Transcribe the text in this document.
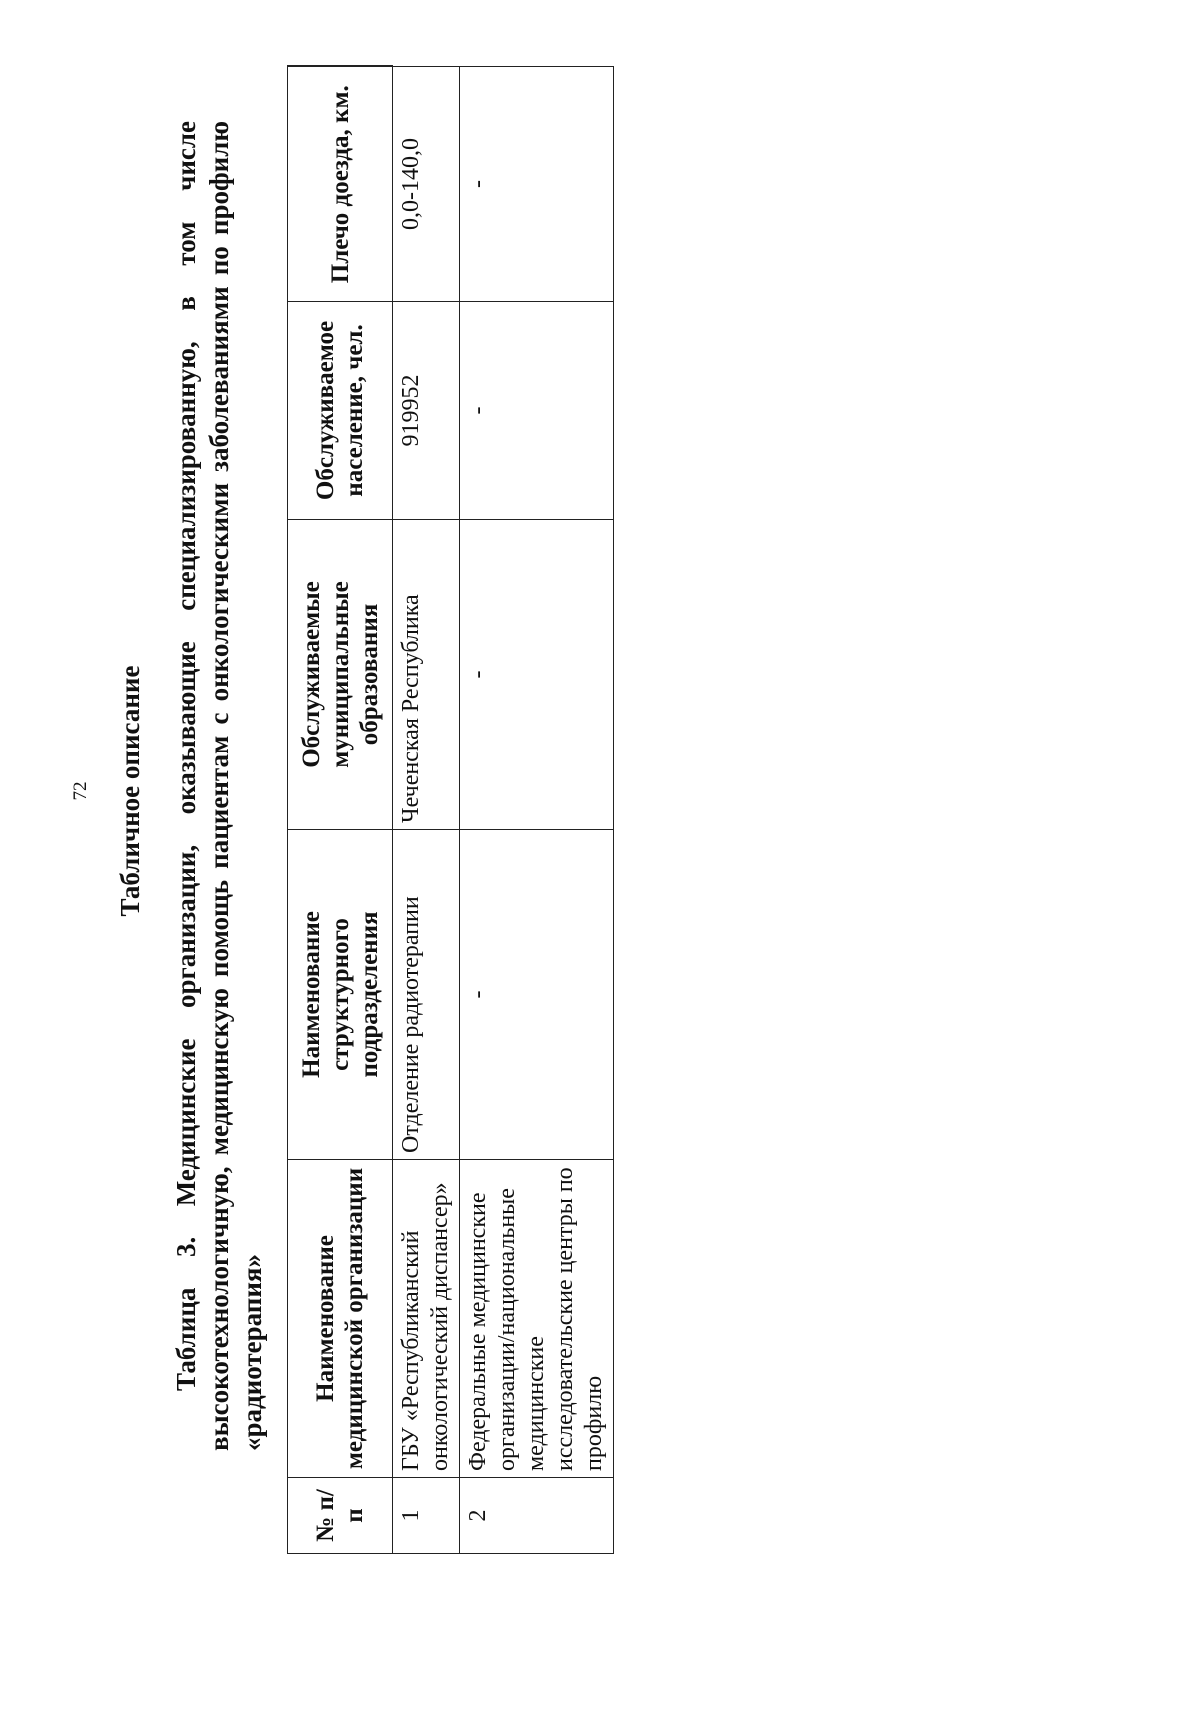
72 Табличное описание Таблица 3. Медицинские организации, оказывающие специализированную, в том числе высокотехнологичную, медицинскую помощь пациентам с онкологическими заболеваниями по профилю «радиотерапия»
№ п/п	Наименование медицинской организации	Наименование структурного подразделения	Обслуживаемые муниципальные образования	Обслуживаемое население, чел.	Плечо доезда, км.
1	ГБУ «Республиканский онкологический диспансер»	Отделение радиотерапии	Чеченская Республика	919952	0,0-140,0
2	Федеральные медицинские организации/национальные медицинские исследовательские центры по профилю	-	-	-	-
